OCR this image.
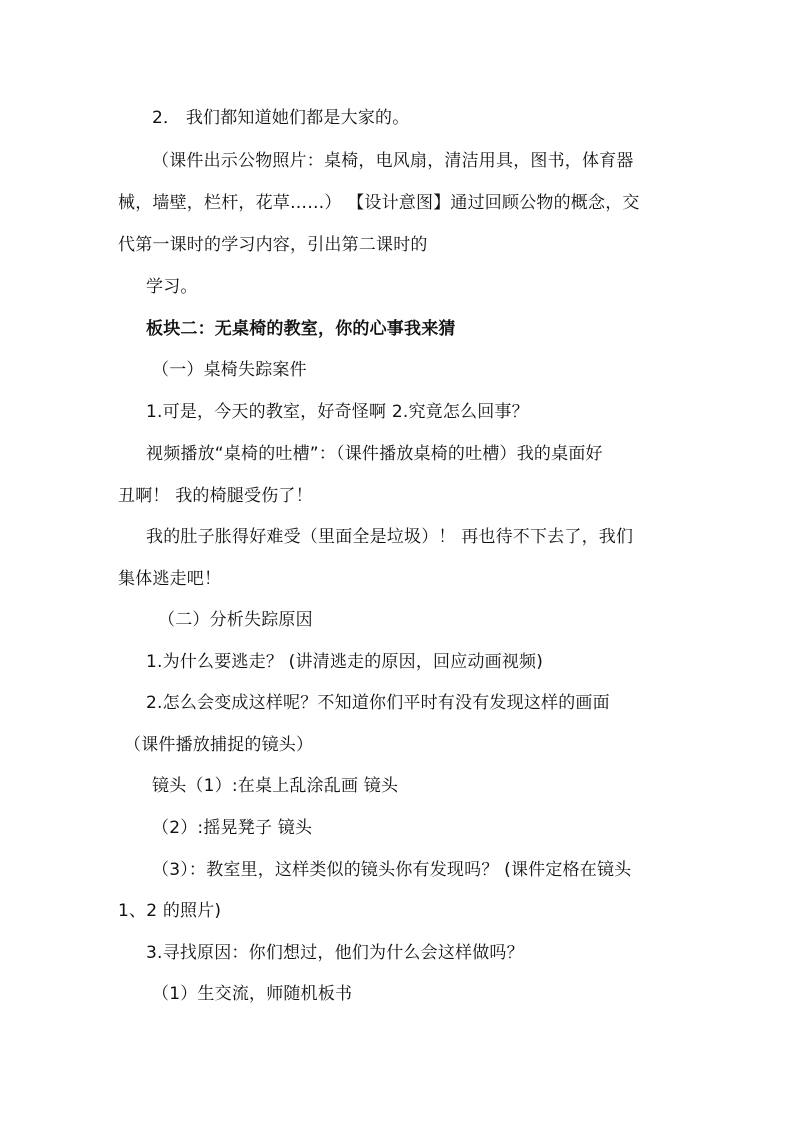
2． 我们都知道她们都是大家的。
（课件出示公物照片：桌椅，电风扇，清洁用具，图书，体育器
械，墙壁，栏杆，花草……） 【设计意图】通过回顾公物的概念，交
代第一课时的学习内容，引出第二课时的
学习。
板块二：无桌椅的教室，你的心事我来猜
（一）桌椅失踪案件
1.可是，今天的教室，好奇怪啊 2.究竟怎么回事？
视频播放“桌椅的吐槽”：（课件播放桌椅的吐槽）我的桌面好
丑啊！ 我的椅腿受伤了！
我的肚子胀得好难受（里面全是垃圾）！ 再也待不下去了，我们
集体逃走吧！
（二）分析失踪原因
1.为什么要逃走？ (讲清逃走的原因，回应动画视频)
2.怎么会变成这样呢？不知道你们平时有没有发现这样的画面
（课件播放捕捉的镜头）
镜头（1）:在桌上乱涂乱画 镜头
（2）:摇晃凳子 镜头
（3）：教室里，这样类似的镜头你有发现吗？ (课件定格在镜头
1、2 的照片)
3.寻找原因：你们想过，他们为什么会这样做吗？
（1）生交流，师随机板书
